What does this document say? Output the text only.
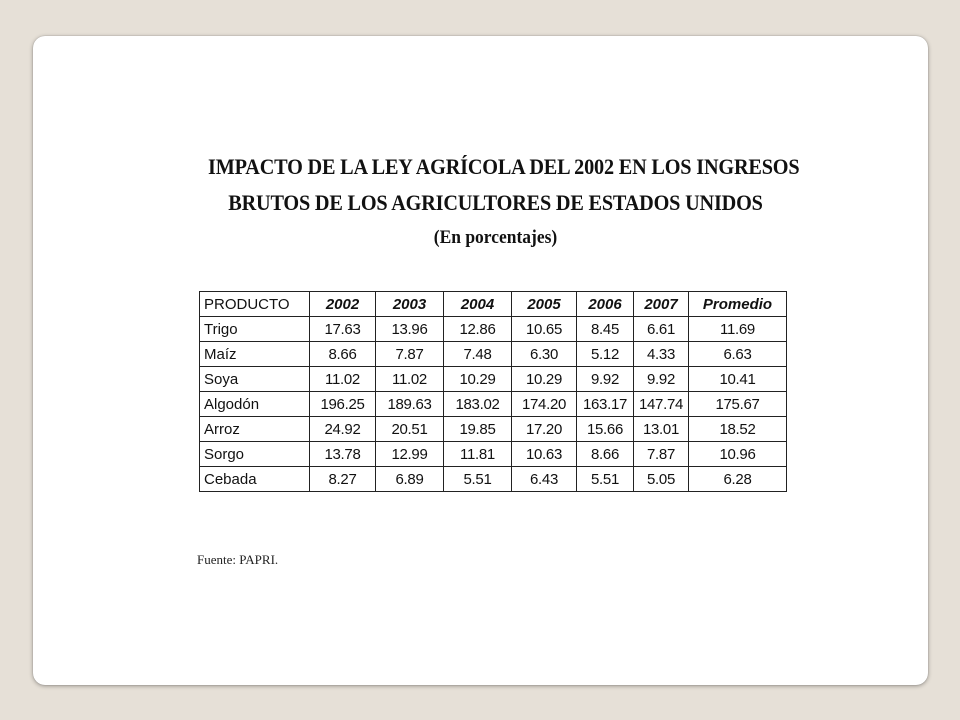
IMPACTO DE LA LEY AGRÍCOLA DEL 2002 EN LOS INGRESOS
BRUTOS DE LOS AGRICULTORES DE ESTADOS UNIDOS
(En porcentajes)
PRODUCTO	2002	2003	2004	2005	2006	2007	Promedio
Trigo	17.63	13.96	12.86	10.65	8.45	6.61	11.69
Maíz	8.66	7.87	7.48	6.30	5.12	4.33	6.63
Soya	11.02	11.02	10.29	10.29	9.92	9.92	10.41
Algodón	196.25	189.63	183.02	174.20	163.17	147.74	175.67
Arroz	24.92	20.51	19.85	17.20	15.66	13.01	18.52
Sorgo	13.78	12.99	11.81	10.63	8.66	7.87	10.96
Cebada	8.27	6.89	5.51	6.43	5.51	5.05	6.28
Fuente: PAPRI.
